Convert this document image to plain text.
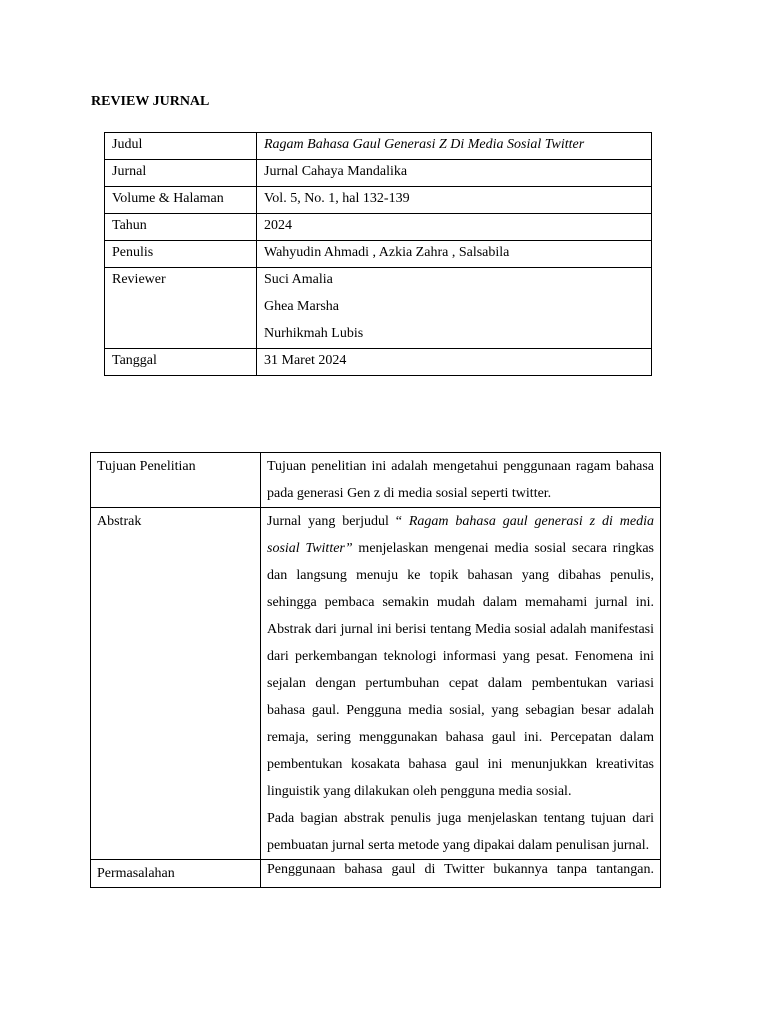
REVIEW JURNAL
Judul	Ragam Bahasa Gaul Generasi Z Di Media Sosial Twitter
Jurnal	Jurnal Cahaya Mandalika
Volume & Halaman	Vol. 5, No. 1, hal 132-139
Tahun	2024
Penulis	Wahyudin Ahmadi , Azkia Zahra , Salsabila
Reviewer	Suci Amalia
Ghea Marsha
Nurhikmah Lubis

Tanggal	31 Maret 2024
Tujuan Penelitian	Tujuan penelitian ini adalah mengetahui penggunaan ragam bahasa pada generasi Gen z di media sosial seperti twitter.

Abstrak	Jurnal yang berjudul “ Ragam bahasa gaul generasi z di media sosial Twitter” menjelaskan mengenai media sosial secara ringkas dan langsung menuju ke topik bahasan yang dibahas penulis, sehingga pembaca semakin mudah dalam memahami jurnal ini. Abstrak dari jurnal ini berisi tentang Media sosial adalah manifestasi dari perkembangan teknologi informasi yang pesat. Fenomena ini sejalan dengan pertumbuhan cepat dalam pembentukan variasi bahasa gaul. Pengguna media sosial, yang sebagian besar adalah remaja, sering menggunakan bahasa gaul ini. Percepatan dalam pembentukan kosakata bahasa gaul ini menunjukkan kreativitas linguistik yang dilakukan oleh pengguna media sosial.

Pada bagian abstrak penulis juga menjelaskan tentang tujuan dari pembuatan jurnal serta metode yang dipakai dalam penulisan jurnal.

Permasalahan	Penggunaan bahasa gaul di Twitter bukannya tanpa tantangan.
